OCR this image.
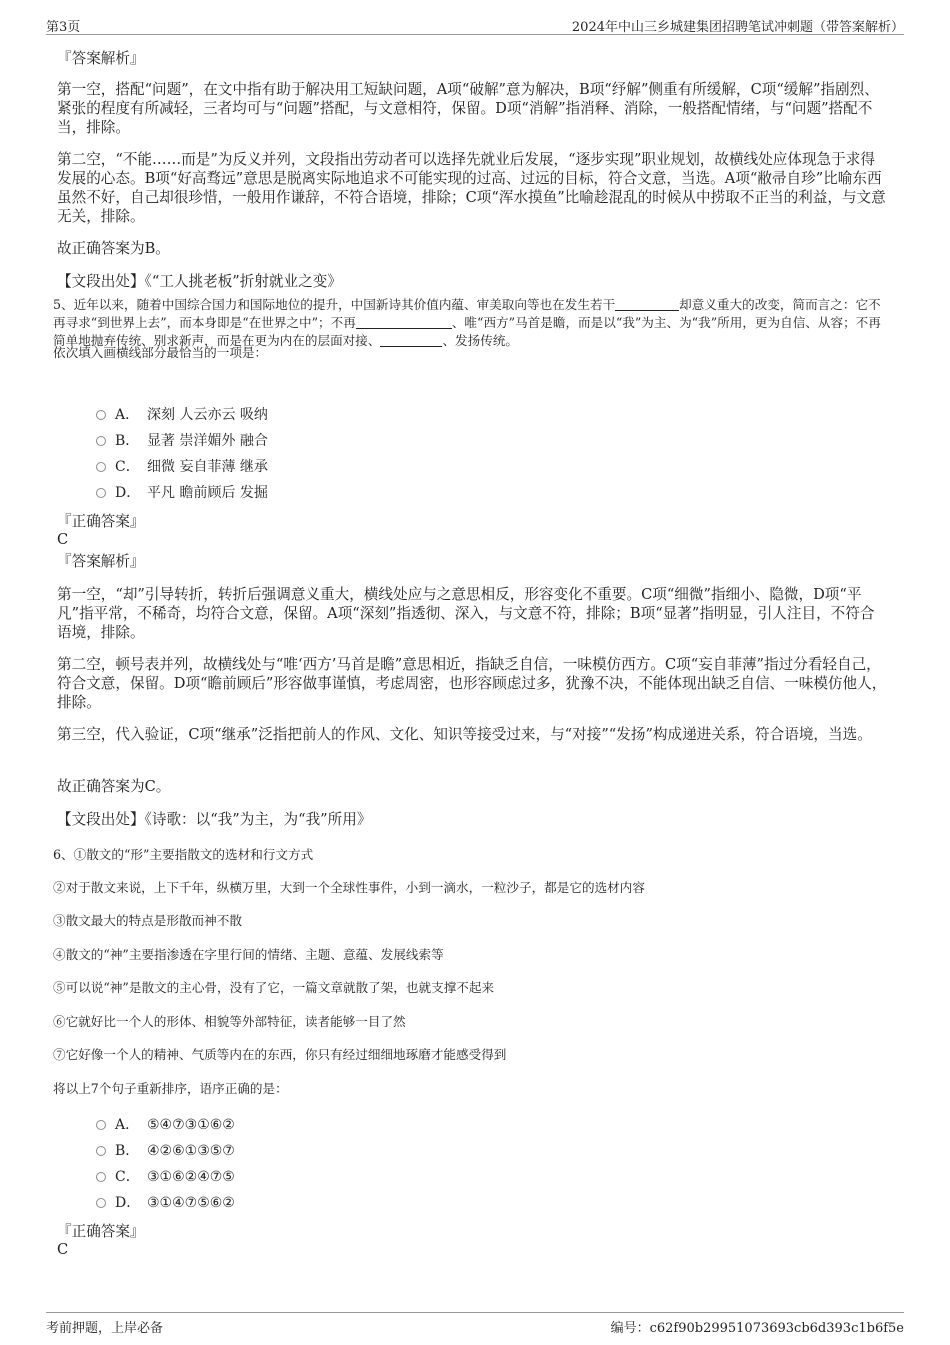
第3页	2024年中山三乡城建集团招聘笔试冲刺题（带答案解析）
『答案解析』

第一空，搭配“问题”，在文中指有助于解决用工短缺问题，A项“破解”意为解决，B项“纾解”侧重有所缓解，C项“缓解”指剧烈、紧张的程度有所减轻，三者均可与“问题”搭配，与文意相符，保留。D项“消解”指消释、消除，一般搭配情绪，与“问题”搭配不当，排除。

第二空，“不能……而是”为反义并列，文段指出劳动者可以选择先就业后发展，“逐步实现”职业规划，故横线处应体现急于求得发展的心态。B项“好高骛远”意思是脱离实际地追求不可能实现的过高、过远的目标，符合文意，当选。A项“敝帚自珍”比喻东西虽然不好，自己却很珍惜，一般用作谦辞，不符合语境，排除；C项“浑水摸鱼”比喻趁混乱的时候从中捞取不正当的利益，与文意无关，排除。

故正确答案为B。

【文段出处】《“工人挑老板”折射就业之变》

5、近年以来，随着中国综合国力和国际地位的提升，中国新诗其价值内蕴、审美取向等也在发生若干	却意义重大的改变，简而言之：它不再寻求“到世界上去”，而本身即是“在世界之中”；不再	、唯“西方”马首是瞻，而是以“我”为主、为“我”所用，更为自信、从容；不再简单地抛弃传统、别求新声，而是在更为内在的层面对接、	、发扬传统。

依次填入画横线部分最恰当的一项是：

A． 深刻 人云亦云 吸纳
B． 显著 崇洋媚外 融合
C． 细微 妄自菲薄 继承
D． 平凡 瞻前顾后 发掘
『正确答案』
C
『答案解析』

第一空，“却”引导转折，转折后强调意义重大，横线处应与之意思相反，形容变化不重要。C项“细微”指细小、隐微，D项“平凡”指平常，不稀奇，均符合文意，保留。A项“深刻”指透彻、深入，与文意不符，排除；B项“显著”指明显，引人注目，不符合语境，排除。

第二空，顿号表并列，故横线处与“唯‘西方’马首是瞻”意思相近，指缺乏自信，一味模仿西方。C项“妄自菲薄”指过分看轻自己，符合文意，保留。D项“瞻前顾后”形容做事谨慎，考虑周密，也形容顾虑过多，犹豫不决，不能体现出缺乏自信、一味模仿他人，排除。

第三空，代入验证，C项“继承”泛指把前人的作风、文化、知识等接受过来，与“对接”“发扬”构成递进关系，符合语境，当选。

故正确答案为C。

【文段出处】《诗歌：以“我”为主，为“我”所用》

6、①散文的“形”主要指散文的选材和行文方式

②对于散文来说，上下千年，纵横万里，大到一个全球性事件，小到一滴水，一粒沙子，都是它的选材内容

③散文最大的特点是形散而神不散

④散文的“神”主要指渗透在字里行间的情绪、主题、意蕴、发展线索等

⑤可以说“神”是散文的主心骨，没有了它，一篇文章就散了架，也就支撑不起来

⑥它就好比一个人的形体、相貌等外部特征，读者能够一目了然

⑦它好像一个人的精神、气质等内在的东西，你只有经过细细地琢磨才能感受得到

将以上7个句子重新排序，语序正确的是：

A． ⑤④⑦③①⑥②
B． ④②⑥①③⑤⑦
C． ③①⑥②④⑦⑤
D． ③①④⑦⑤⑥②
『正确答案』
C
考前押题，上岸必备	编号：c62f90b29951073693cb6d393c1b6f5e
